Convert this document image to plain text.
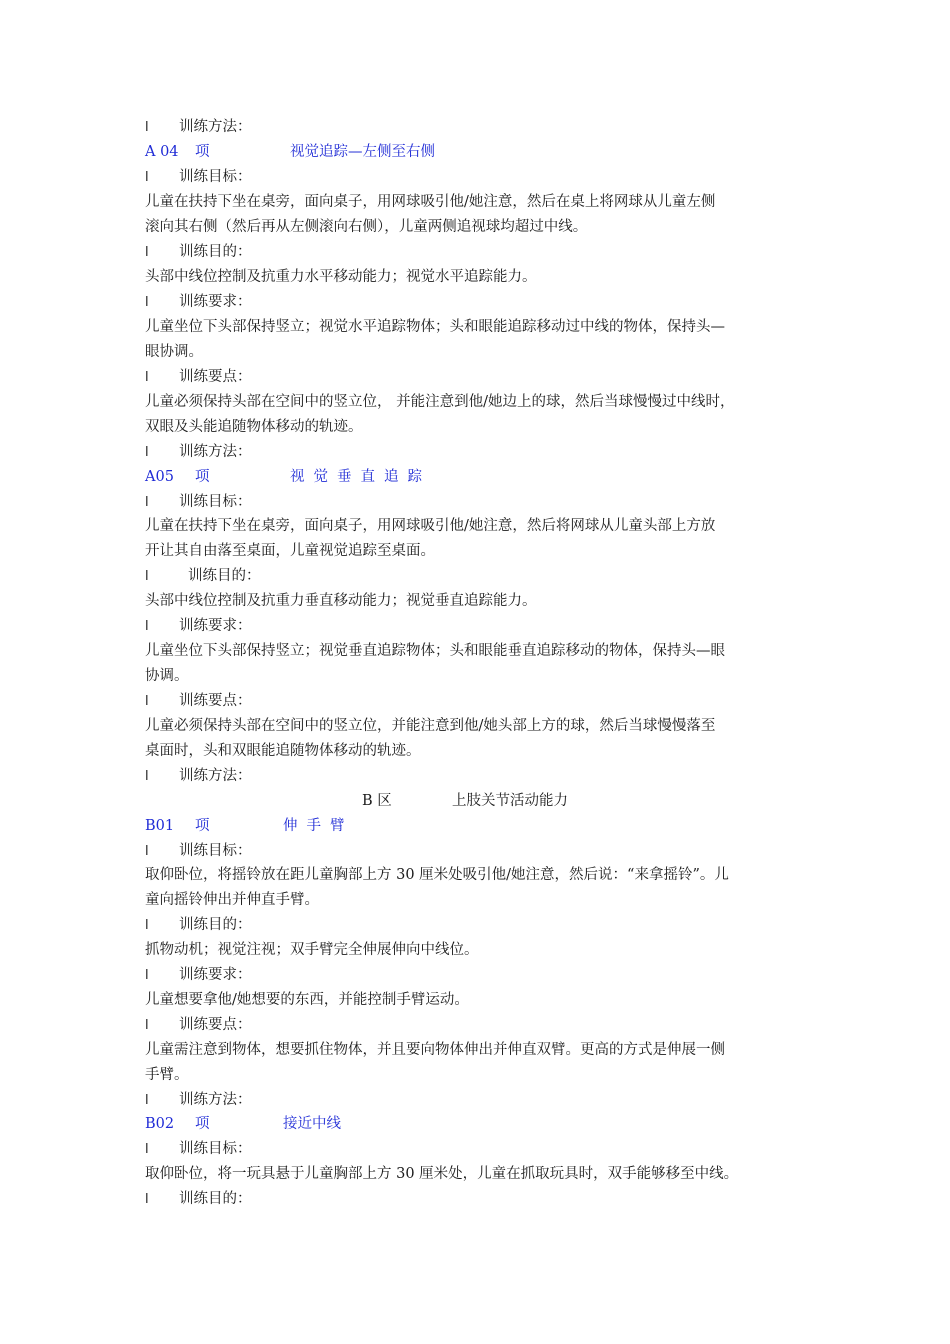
l 训练方法：
A 04 项	视觉追踪—左侧至右侧
l 训练目标：
儿童在扶持下坐在桌旁，面向桌子，用网球吸引他/她注意，然后在桌上将网球从儿童左侧
滚向其右侧（然后再从左侧滚向右侧），儿童两侧追视球均超过中线。
l 训练目的：
头部中线位控制及抗重力水平移动能力；视觉水平追踪能力。
l 训练要求：
儿童坐位下头部保持竖立；视觉水平追踪物体；头和眼能追踪移动过中线的物体，保持头—
眼协调。
l 训练要点：
儿童必须保持头部在空间中的竖立位， 并能注意到他/她边上的球，然后当球慢慢过中线时，
双眼及头能追随物体移动的轨迹。
l 训练方法：
A05 项	视觉垂直追踪
l 训练目标：
儿童在扶持下坐在桌旁，面向桌子，用网球吸引他/她注意，然后将网球从儿童头部上方放
开让其自由落至桌面，儿童视觉追踪至桌面。
l	训练目的：
头部中线位控制及抗重力垂直移动能力；视觉垂直追踪能力。
l 训练要求：
儿童坐位下头部保持竖立；视觉垂直追踪物体；头和眼能垂直追踪移动的物体，保持头—眼
协调。
l 训练要点：
儿童必须保持头部在空间中的竖立位，并能注意到他/她头部上方的球，然后当球慢慢落至
桌面时，头和双眼能追随物体移动的轨迹。
l 训练方法：
B 区	上肢关节活动能力
B01 项	伸手臂
l 训练目标：
取仰卧位，将摇铃放在距儿童胸部上方 30 厘米处吸引他/她注意，然后说：“来拿摇铃”。儿
童向摇铃伸出并伸直手臂。
l 训练目的：
抓物动机；视觉注视；双手臂完全伸展伸向中线位。
l 训练要求：
儿童想要拿他/她想要的东西，并能控制手臂运动。
l 训练要点：
儿童需注意到物体，想要抓住物体，并且要向物体伸出并伸直双臂。更高的方式是伸展一侧
手臂。
l 训练方法：
B02 项	接近中线
l 训练目标：
取仰卧位，将一玩具悬于儿童胸部上方 30 厘米处，儿童在抓取玩具时，双手能够移至中线。
l 训练目的：
